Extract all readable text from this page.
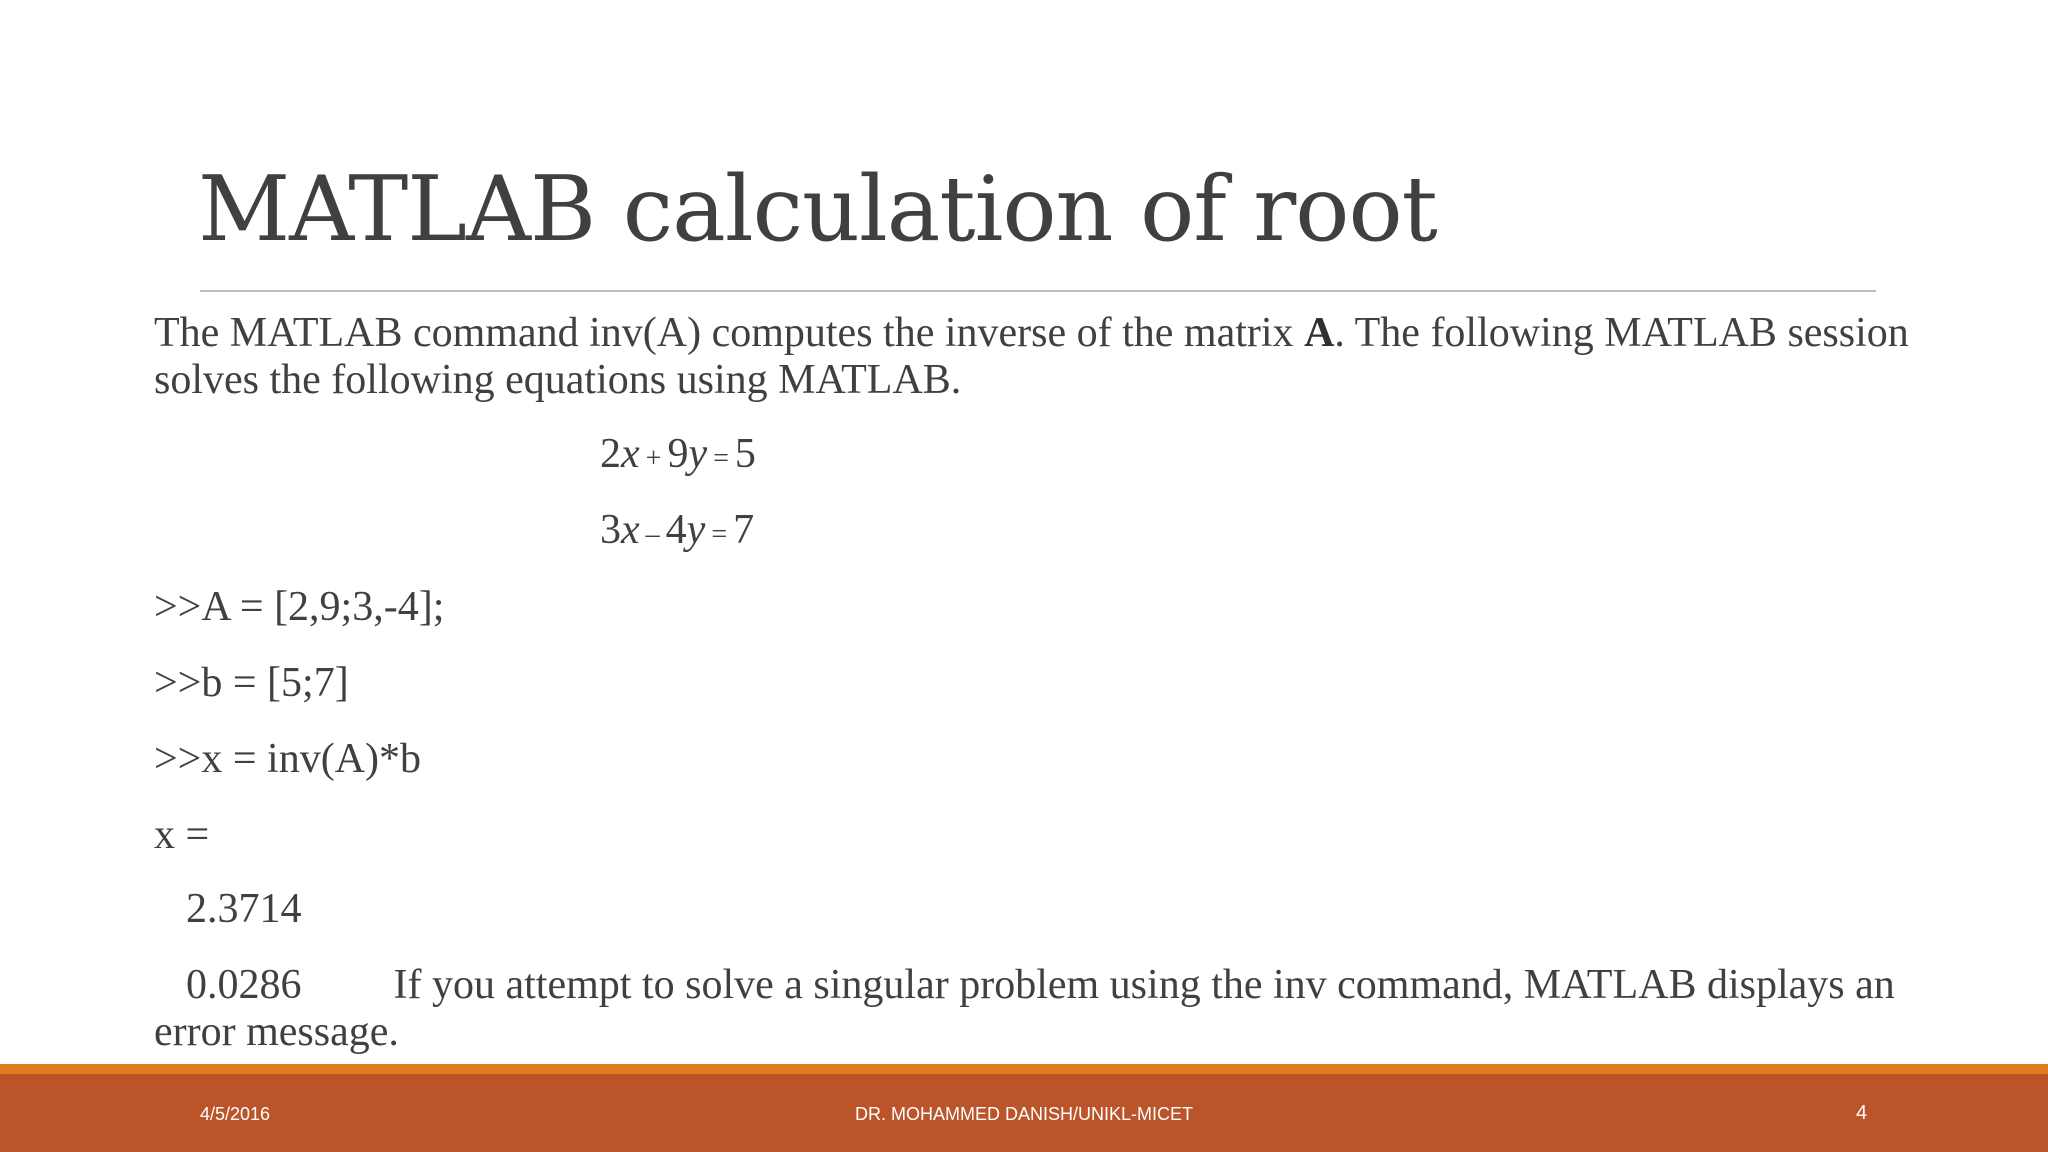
MATLAB calculation of root

The MATLAB command inv(A) computes the inverse of the matrix A. The following MATLAB session solves the following equations using MATLAB.

2x + 9y = 5
3x – 4y = 7

>>A = [2,9;3,-4];

>>b = [5;7]

>>x = inv(A)*b

x =

2.3714

0.0286 If you attempt to solve a singular problem using the inv command, MATLAB displays an error message.

4/5/2016	DR. MOHAMMED DANISH/UNIKL-MICET	4
